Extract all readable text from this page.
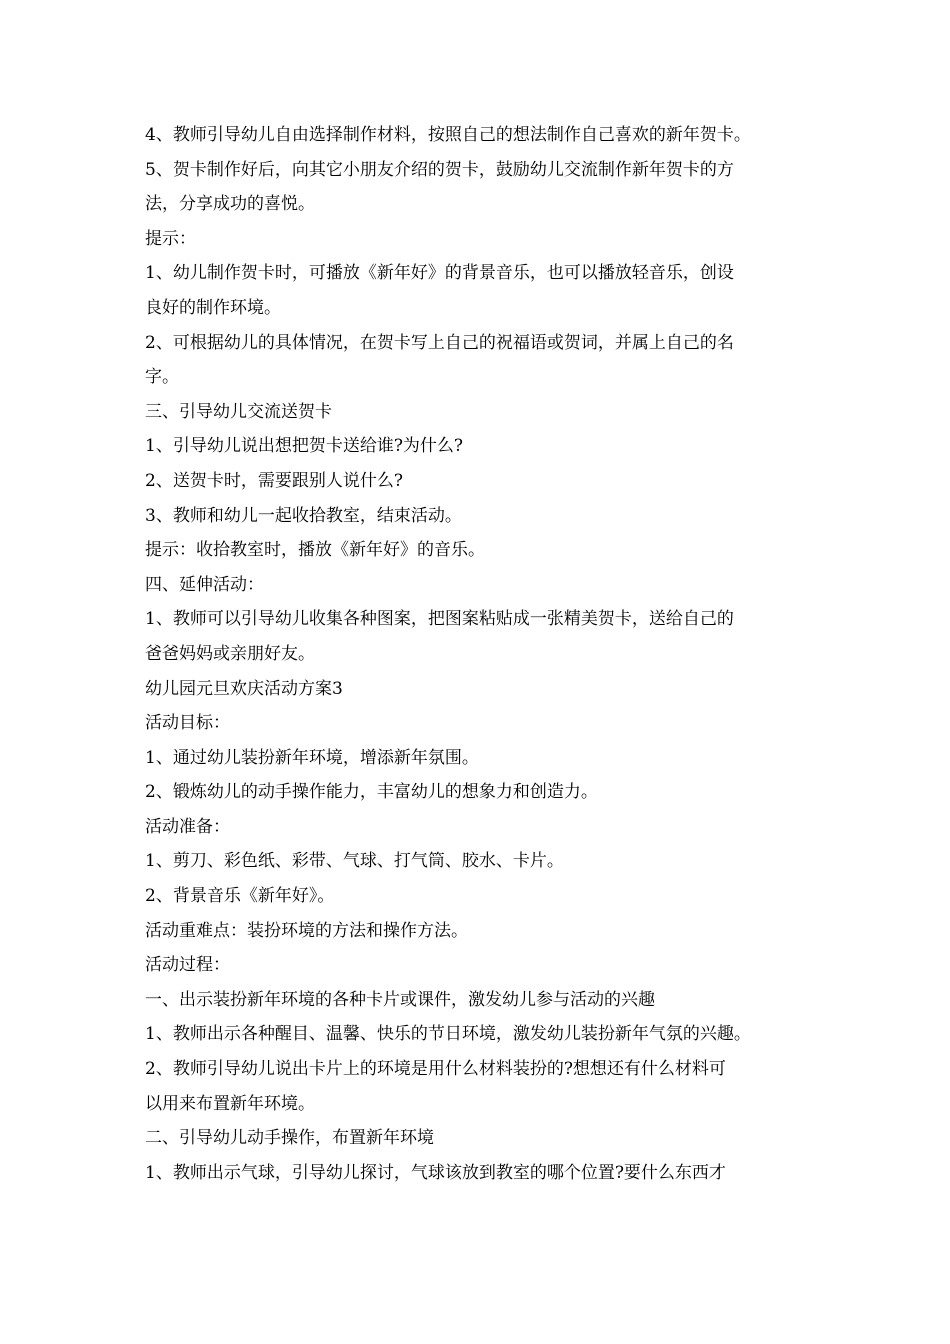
4、教师引导幼儿自由选择制作材料，按照自己的想法制作自己喜欢的新年贺卡。

5、贺卡制作好后，向其它小朋友介绍的贺卡，鼓励幼儿交流制作新年贺卡的方

法，分享成功的喜悦。

提示：

1、幼儿制作贺卡时，可播放《新年好》的背景音乐，也可以播放轻音乐，创设

良好的制作环境。

2、可根据幼儿的具体情况，在贺卡写上自己的祝福语或贺词，并属上自己的名

字。

三、引导幼儿交流送贺卡

1、引导幼儿说出想把贺卡送给谁?为什么?

2、送贺卡时，需要跟别人说什么?

3、教师和幼儿一起收拾教室，结束活动。

提示：收拾教室时，播放《新年好》的音乐。

四、延伸活动：

1、教师可以引导幼儿收集各种图案，把图案粘贴成一张精美贺卡，送给自己的

爸爸妈妈或亲朋好友。

幼儿园元旦欢庆活动方案3

活动目标：

1、通过幼儿装扮新年环境，增添新年氛围。

2、锻炼幼儿的动手操作能力，丰富幼儿的想象力和创造力。

活动准备：

1、剪刀、彩色纸、彩带、气球、打气筒、胶水、卡片。

2、背景音乐《新年好》。

活动重难点：装扮环境的方法和操作方法。

活动过程：

一、出示装扮新年环境的各种卡片或课件，激发幼儿参与活动的兴趣

1、教师出示各种醒目、温馨、快乐的节日环境，激发幼儿装扮新年气氛的兴趣。

2、教师引导幼儿说出卡片上的环境是用什么材料装扮的?想想还有什么材料可

以用来布置新年环境。

二、引导幼儿动手操作，布置新年环境

1、教师出示气球，引导幼儿探讨，气球该放到教室的哪个位置?要什么东西才
